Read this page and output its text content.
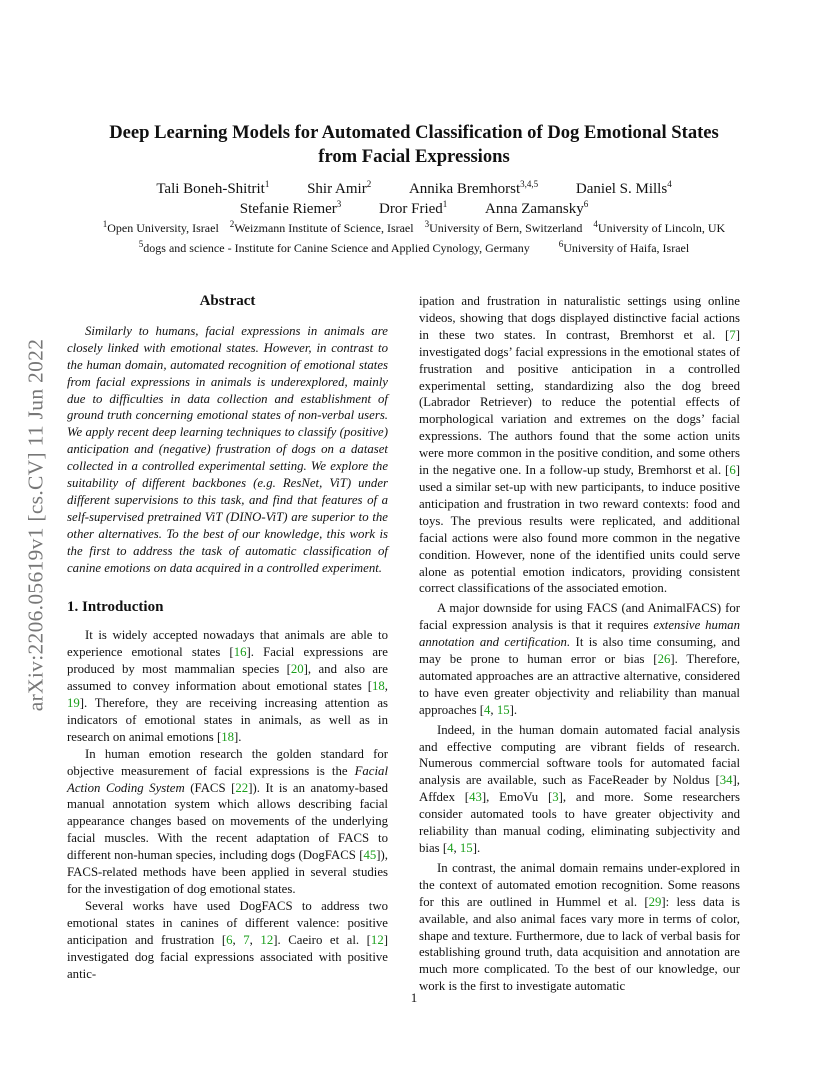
Deep Learning Models for Automated Classification of Dog Emotional States
from Facial Expressions
Tali Boneh-Shitrit$^1$	Shir Amir$^2$	Annika Bremhorst$^{3,4,5}$	Daniel S. Mills$^4$
Stefanie Riemer$^3$	Dror Fried$^1$	Anna Zamansky$^6$
$^1$Open University, Israel $^2$Weizmann Institute of Science, Israel $^3$University of Bern, Switzerland $^4$University of Lincoln, UK
$^5$dogs and science - Institute for Canine Science and Applied Cynology, Germany	$^6$University of Haifa, Israel
arXiv:2206.05619v1 [cs.CV] 11 Jun 2022
Abstract

Similarly to humans, facial expressions in animals are closely linked with emotional states. However, in contrast to the human domain, automated recognition of emotional states from facial expressions in animals is underexplored, mainly due to difficulties in data collection and establishment of ground truth concerning emotional states of non-verbal users. We apply recent deep learning techniques to classify (positive) anticipation and (negative) frustration of dogs on a dataset collected in a controlled experimental setting. We explore the suitability of different backbones (e.g. ResNet, ViT) under different supervisions to this task, and find that features of a self-supervised pretrained ViT (DINO-ViT) are superior to the other alternatives. To the best of our knowledge, this work is the first to address the task of automatic classification of canine emotions on data acquired in a controlled experiment.

1. Introduction

It is widely accepted nowadays that animals are able to experience emotional states [16]. Facial expressions are produced by most mammalian species [20], and also are assumed to convey information about emotional states [18, 19]. Therefore, they are receiving increasing attention as indicators of emotional states in animals, as well as in research on animal emotions [18].

In human emotion research the golden standard for objective measurement of facial expressions is the Facial Action Coding System (FACS [22]). It is an anatomy-based manual annotation system which allows describing facial appearance changes based on movements of the underlying facial muscles. With the recent adaptation of FACS to different non-human species, including dogs (DogFACS [45]), FACS-related methods have been applied in several studies for the investigation of dog emotional states.

Several works have used DogFACS to address two emotional states in canines of different valence: positive anticipation and frustration [6, 7, 12]. Caeiro et al. [12] investigated dog facial expressions associated with positive antic-

ipation and frustration in naturalistic settings using online videos, showing that dogs displayed distinctive facial actions in these two states. In contrast, Bremhorst et al. [7] investigated dogs’ facial expressions in the emotional states of frustration and positive anticipation in a controlled experimental setting, standardizing also the dog breed (Labrador Retriever) to reduce the potential effects of morphological variation and extremes on the dogs’ facial expressions. The authors found that the some action units were more common in the positive condition, and some others in the negative one. In a follow-up study, Bremhorst et al. [6] used a similar set-up with new participants, to induce positive anticipation and frustration in two reward contexts: food and toys. The previous results were replicated, and additional facial actions were also found more common in the negative condition. However, none of the identified units could serve alone as potential emotion indicators, providing consistent correct classifications of the associated emotion.

A major downside for using FACS (and AnimalFACS) for facial expression analysis is that it requires extensive human annotation and certification. It is also time consuming, and may be prone to human error or bias [26]. Therefore, automated approaches are an attractive alternative, considered to have even greater objectivity and reliability than manual approaches [4, 15].

Indeed, in the human domain automated facial analysis and effective computing are vibrant fields of research. Numerous commercial software tools for automated facial analysis are available, such as FaceReader by Noldus [34], Affdex [43], EmoVu [3], and more. Some researchers consider automated tools to have greater objectivity and reliability than manual coding, eliminating subjectivity and bias [4, 15].

In contrast, the animal domain remains under-explored in the context of automated emotion recognition. Some reasons for this are outlined in Hummel et al. [29]: less data is available, and also animal faces vary more in terms of color, shape and texture. Furthermore, due to lack of verbal basis for establishing ground truth, data acquisition and annotation are much more complicated. To the best of our knowledge, our work is the first to investigate automatic

1
